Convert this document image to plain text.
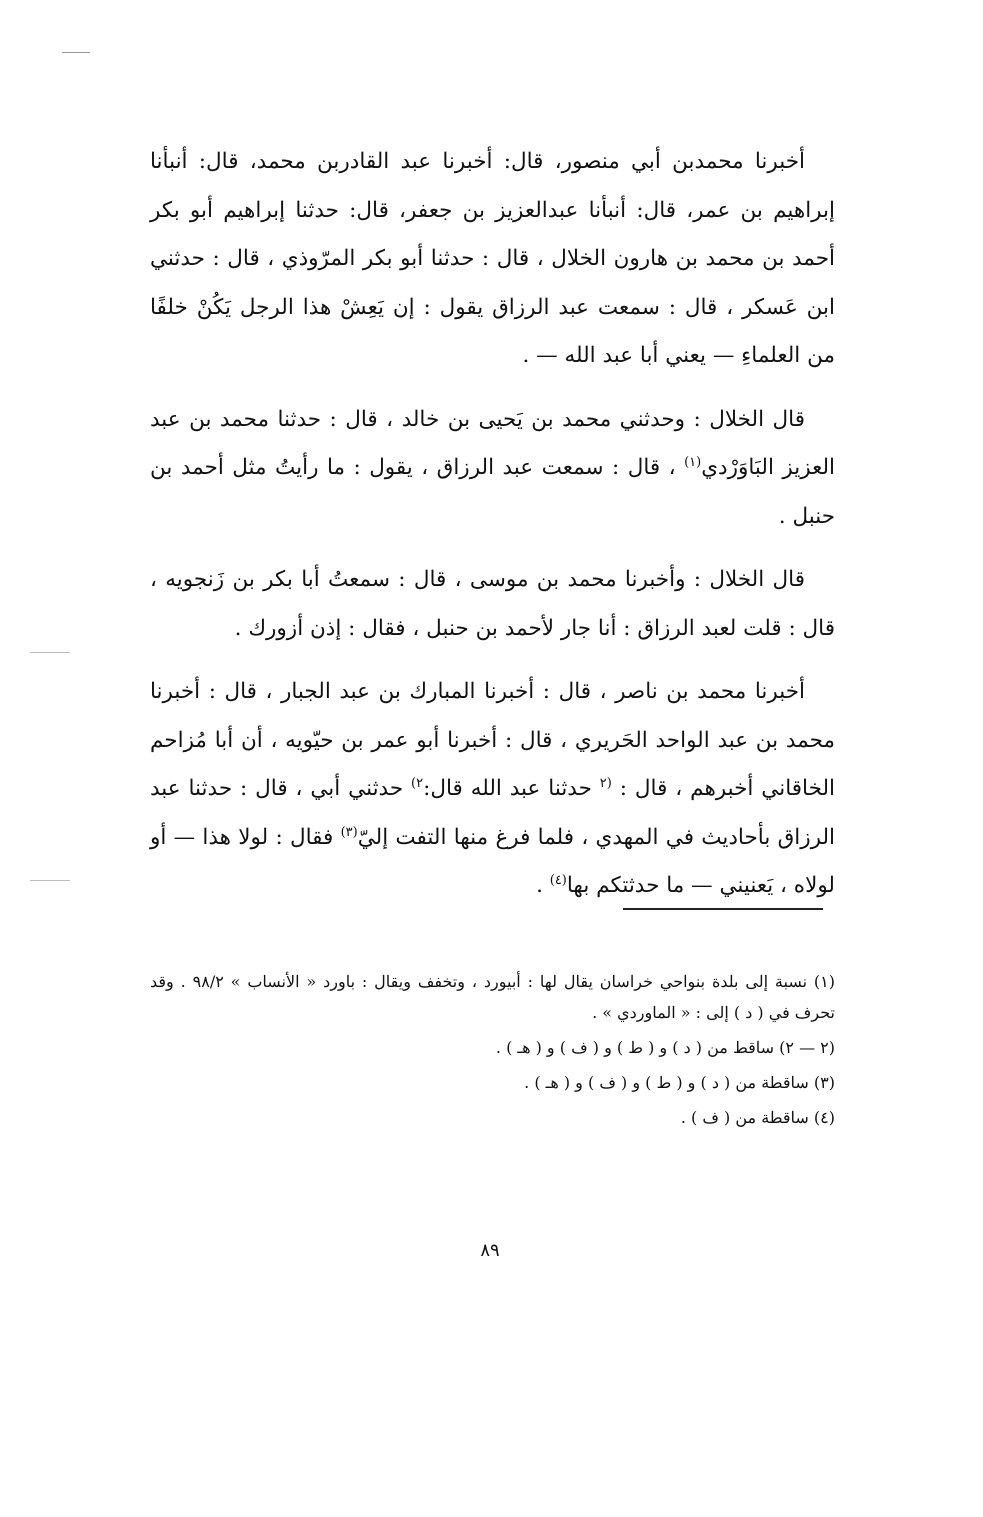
أخبرنا محمدبن أبي منصور، قال: أخبرنا عبد القادربن محمد، قال: أنبأنا إبراهيم بن عمر، قال: أنبأنا عبدالعزيز بن جعفر، قال: حدثنا إبراهيم أبو بكر أحمد بن محمد بن هارون الخلال ، قال : حدثنا أبو بكر المرّوذي ، قال : حدثني ابن عَسكر ، قال : سمعت عبد الرزاق يقول : إن يَعِشْ هذا الرجل يَكُنْ خلفًا من العلماءِ — يعني أبا عبد الله — .

قال الخلال : وحدثني محمد بن يَحيى بن خالد ، قال : حدثنا محمد بن عبد العزيز البَاوَرْدي$^{(١)}$ ، قال : سمعت عبد الرزاق ، يقول : ما رأيتُ مثل أحمد بن حنبل .

قال الخلال : وأخبرنا محمد بن موسى ، قال : سمعتُ أبا بكر بن زَنجويه ، قال : قلت لعبد الرزاق : أنا جار لأحمد بن حنبل ، فقال : إذن أزورك .

أخبرنا محمد بن ناصر ، قال : أخبرنا المبارك بن عبد الجبار ، قال : أخبرنا محمد بن عبد الواحد الحَريري ، قال : أخبرنا أبو عمر بن حيّويه ، أن أبا مُزاحم الخاقاني أخبرهم ، قال : $^{(٢}$ حدثنا عبد الله قال:$^{٢)}$ حدثني أبي ، قال : حدثنا عبد الرزاق بأحاديث في المهدي ، فلما فرغ منها التفت إليّ$^{(٣)}$ فقال : لولا هذا — أو لولاه ، يَعنيني — ما حدثتكم بها$^{(٤)}$ .

(١) نسبة إلى بلدة بنواحي خراسان يقال لها : أبيورد ، وتخفف ويقال : باورد « الأنساب » ٩٨/٢ . وقد تحرف في ( د ) إلى : « الماوردي » .

(٢ — ٢) ساقط من ( د ) و ( ط ) و ( ف ) و ( هـ ) .

(٣) ساقطة من ( د ) و ( ط ) و ( ف ) و ( هـ ) .

(٤) ساقطة من ( ف ) .

٨٩
